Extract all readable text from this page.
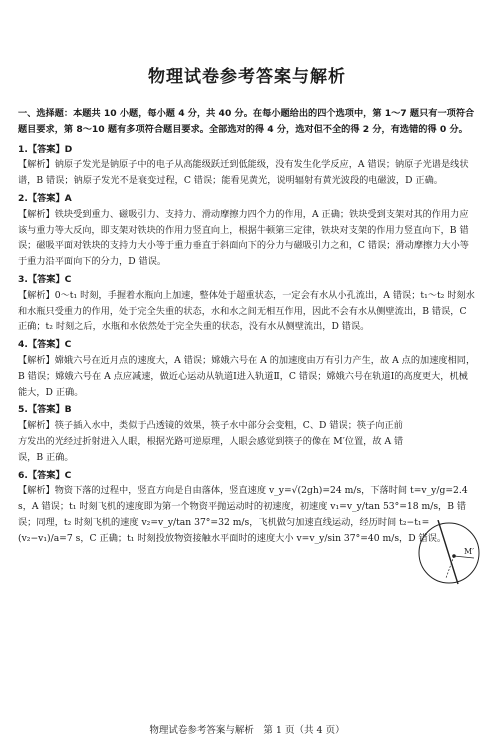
物理试卷参考答案与解析

一、选择题：本题共 10 小题，每小题 4 分，共 40 分。在每小题给出的四个选项中，第 1～7 题只有一项符合题目要求，第 8～10 题有多项符合题目要求。全部选对的得 4 分，选对但不全的得 2 分，有选错的得 0 分。

1.【答案】D

【解析】钠原子发光是钠原子中的电子从高能级跃迁到低能级，没有发生化学反应，A 错误；钠原子光谱是线状谱，B 错误；钠原子发光不是衰变过程，C 错误；能看见黄光，说明辐射有黄光波段的电磁波，D 正确。

2.【答案】A

【解析】铁块受到重力、磁吸引力、支持力、滑动摩擦力四个力的作用，A 正确；铁块受到支架对其的作用力应该与重力等大反向，即支架对铁块的作用力竖直向上，根据牛顿第三定律，铁块对支架的作用力竖直向下，B 错误；磁吸平面对铁块的支持力大小等于重力垂直于斜面向下的分力与磁吸引力之和，C 错误；滑动摩擦力大小等于重力沿平面向下的分力，D 错误。

3.【答案】C

【解析】0～t₁ 时刻，手握着水瓶向上加速，整体处于超重状态，一定会有水从小孔流出，A 错误；t₁～t₂ 时刻水和水瓶只受重力的作用，处于完全失重的状态，水和水之间无相互作用，因此不会有水从侧壁流出，B 错误，C 正确；t₂ 时刻之后，水瓶和水依然处于完全失重的状态，没有水从侧壁流出，D 错误。

4.【答案】C

【解析】嫦娥六号在近月点的速度大，A 错误；嫦娥六号在 A 的加速度由万有引力产生，故 A 点的加速度相同，B 错误；嫦娥六号在 A 点应减速，做近心运动从轨道Ⅰ进入轨道Ⅱ，C 错误；嫦娥六号在轨道Ⅰ的高度更大，机械能大，D 正确。

5.【答案】B

【解析】筷子插入水中，类似于凸透镜的效果，筷子水中部分会变粗，C、D 错误；筷子向正前方发出的光经过折射进入人眼，根据光路可逆原理，人眼会感觉到筷子的像在 M′位置，故 A 错误，B 正确。

6.【答案】C

【解析】物资下落的过程中，竖直方向是自由落体，竖直速度 v_y=√(2gh)=24 m/s，下落时间 t=v_y/g=2.4 s，A 错误；t₁ 时刻飞机的速度即为第一个物资平抛运动时的初速度，初速度 v₁=v_y/tan 53°=18 m/s，B 错误；同理，t₂ 时刻飞机的速度 v₂=v_y/tan 37°=32 m/s，飞机做匀加速直线运动，经历时间 t₂−t₁=(v₂−v₁)/a=7 s，C 正确；t₁ 时刻投放物资接触水平面时的速度大小 v=v_y/sin 37°=40 m/s，D 错误。

M′
物理试卷参考答案与解析　第 1 页（共 4 页）
